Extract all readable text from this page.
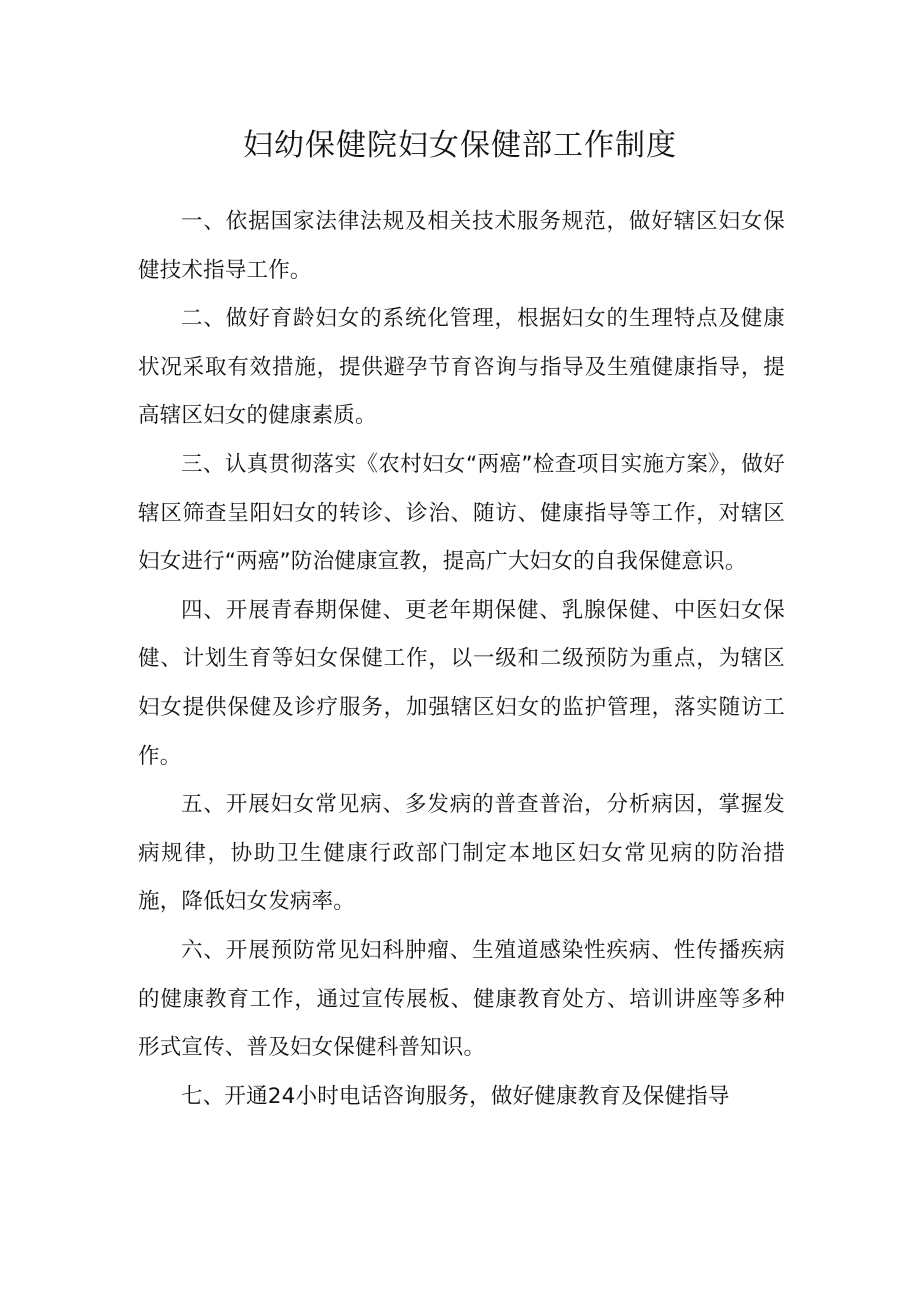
妇幼保健院妇女保健部工作制度

一、依据国家法律法规及相关技术服务规范，做好辖区妇女保健技术指导工作。

二、做好育龄妇女的系统化管理，根据妇女的生理特点及健康状况采取有效措施，提供避孕节育咨询与指导及生殖健康指导，提高辖区妇女的健康素质。

三、认真贯彻落实《农村妇女“两癌”检查项目实施方案》，做好辖区筛查呈阳妇女的转诊、诊治、随访、健康指导等工作，对辖区妇女进行“两癌”防治健康宣教，提高广大妇女的自我保健意识。

四、开展青春期保健、更老年期保健、乳腺保健、中医妇女保健、计划生育等妇女保健工作，以一级和二级预防为重点，为辖区妇女提供保健及诊疗服务，加强辖区妇女的监护管理，落实随访工作。

五、开展妇女常见病、多发病的普查普治，分析病因，掌握发病规律，协助卫生健康行政部门制定本地区妇女常见病的防治措施，降低妇女发病率。

六、开展预防常见妇科肿瘤、生殖道感染性疾病、性传播疾病的健康教育工作，通过宣传展板、健康教育处方、培训讲座等多种形式宣传、普及妇女保健科普知识。

七、开通24小时电话咨询服务，做好健康教育及保健指导
